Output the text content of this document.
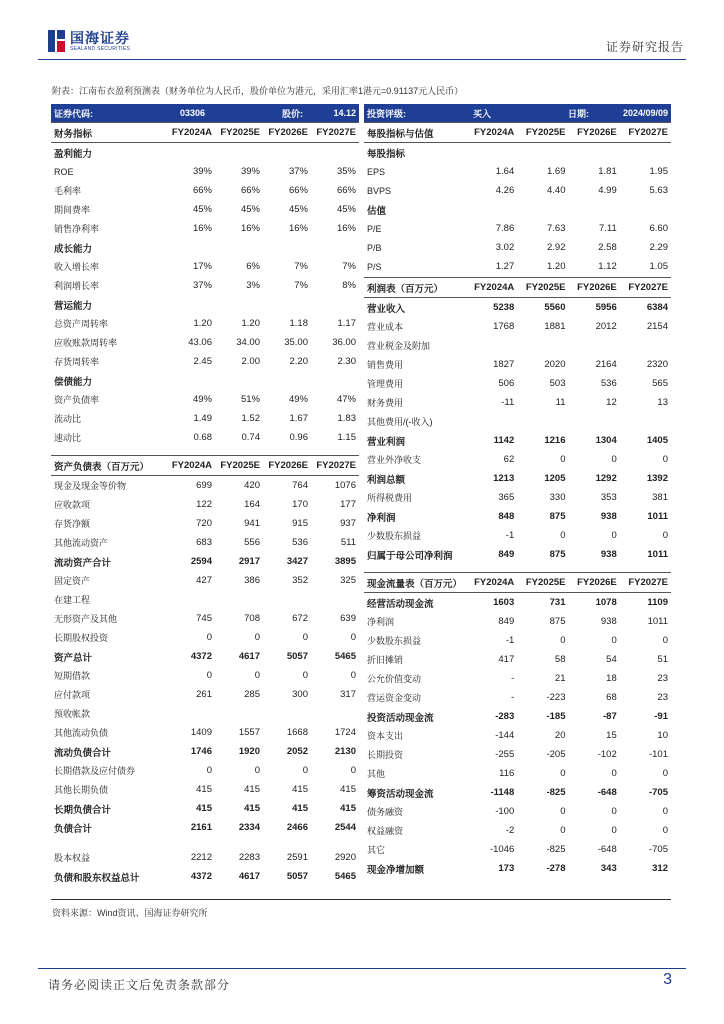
国海证券
SEALAND SECURITIES	证券研究报告
附表：江南布衣盈利预测表（财务单位为人民币，股价单位为港元，采用汇率1港元=0.91137元人民币）
证券代码:	03306	股价:	14.12
财务指标	FY2024A	FY2025E	FY2026E	FY2027E
盈利能力				
ROE	39%	39%	37%	35%
毛利率	66%	66%	66%	66%
期间费率	45%	45%	45%	45%
销售净利率	16%	16%	16%	16%
成长能力				
收入增长率	17%	6%	7%	7%
利润增长率	37%	3%	7%	8%
营运能力				
总资产周转率	1.20	1.20	1.18	1.17
应收账款周转率	43.06	34.00	35.00	36.00
存货周转率	2.45	2.00	2.20	2.30
偿债能力				
资产负债率	49%	51%	49%	47%
流动比	1.49	1.52	1.67	1.83
速动比	0.68	0.74	0.96	1.15
资产负债表（百万元）	FY2024A	FY2025E	FY2026E	FY2027E
现金及现金等价物	699	420	764	1076
应收款项	122	164	170	177
存货净额	720	941	915	937
其他流动资产	683	556	536	511
流动资产合计	2594	2917	3427	3895
固定资产	427	386	352	325
在建工程				
无形资产及其他	745	708	672	639
长期股权投资	0	0	0	0
资产总计	4372	4617	5057	5465
短期借款	0	0	0	0
应付款项	261	285	300	317
预收帐款				
其他流动负债	1409	1557	1668	1724
流动负债合计	1746	1920	2052	2130
长期借款及应付债券	0	0	0	0
其他长期负债	415	415	415	415
长期负债合计	415	415	415	415
负债合计	2161	2334	2466	2544

股本权益	2212	2283	2591	2920
负债和股东权益总计	4372	4617	5057	5465
投资评级:	买入	日期:	2024/09/09
每股指标与估值	FY2024A	FY2025E	FY2026E	FY2027E
每股指标				
EPS	1.64	1.69	1.81	1.95
BVPS	4.26	4.40	4.99	5.63
估值				
P/E	7.86	7.63	7.11	6.60
P/B	3.02	2.92	2.58	2.29
P/S	1.27	1.20	1.12	1.05
利润表（百万元）	FY2024A	FY2025E	FY2026E	FY2027E
营业收入	5238	5560	5956	6384
营业成本	1768	1881	2012	2154
营业税金及附加				
销售费用	1827	2020	2164	2320
管理费用	506	503	536	565
财务费用	-11	11	12	13
其他费用/(-收入)				
营业利润	1142	1216	1304	1405
营业外净收支	62	0	0	0
利润总额	1213	1205	1292	1392
所得税费用	365	330	353	381
净利润	848	875	938	1011
少数股东损益	-1	0	0	0
归属于母公司净利润	849	875	938	1011
现金流量表（百万元）	FY2024A	FY2025E	FY2026E	FY2027E
经营活动现金流	1603	731	1078	1109
净利润	849	875	938	1011
少数股东损益	-1	0	0	0
折旧摊销	417	58	54	51
公允价值变动	-	21	18	23
营运资金变动	-	-223	68	23
投资活动现金流	-283	-185	-87	-91
资本支出	-144	20	15	10
长期投资	-255	-205	-102	-101
其他	116	0	0	0
筹资活动现金流	-1148	-825	-648	-705
债务融资	-100	0	0	0
权益融资	-2	0	0	0
其它	-1046	-825	-648	-705
现金净增加额	173	-278	343	312
资料来源：Wind资讯、国海证券研究所
请务必阅读正文后免责条款部分	3
